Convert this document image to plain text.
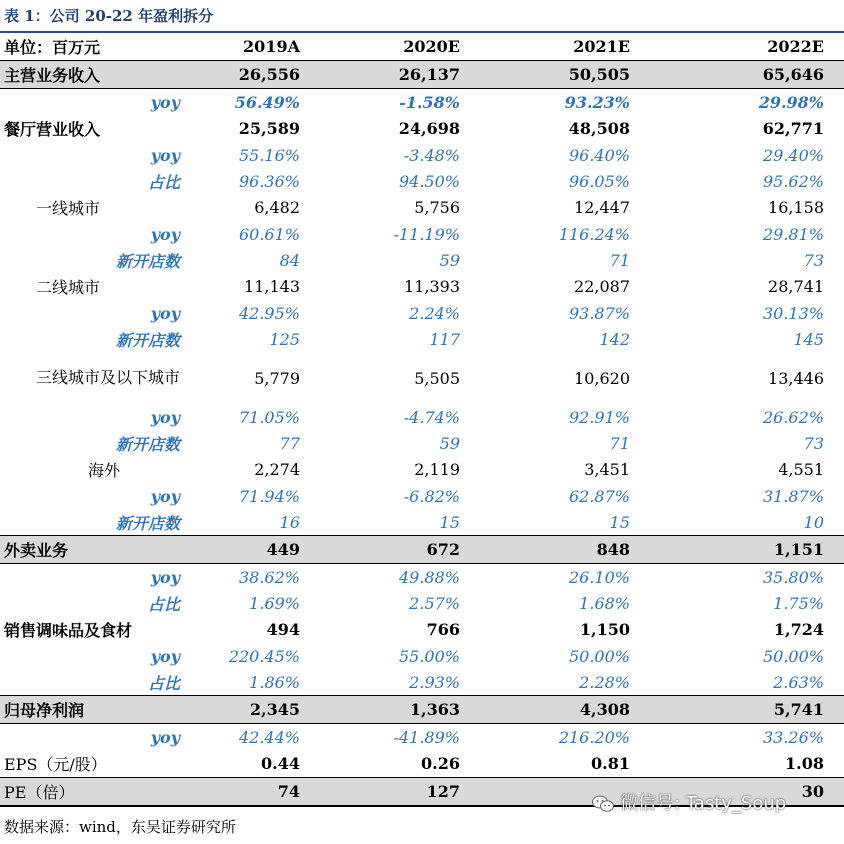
表 1：公司 20-22 年盈利拆分
单位：百万元	2019A	2020E	2021E	2022E
主营业务收入	26,556	26,137	50,505	65,646
yoy	56.49%	-1.58%	93.23%	29.98%
餐厅营业收入	25,589	24,698	48,508	62,771
yoy	55.16%	-3.48%	96.40%	29.40%
占比	96.36%	94.50%	96.05%	95.62%
一线城市	6,482	5,756	12,447	16,158
yoy	60.61%	-11.19%	116.24%	29.81%
新开店数	84	59	71	73
二线城市	11,143	11,393	22,087	28,741
yoy	42.95%	2.24%	93.87%	30.13%
新开店数	125	117	142	145
三线城市及以下城市	5,779	5,505	10,620	13,446
yoy	71.05%	-4.74%	92.91%	26.62%
新开店数	77	59	71	73
海外	2,274	2,119	3,451	4,551
yoy	71.94%	-6.82%	62.87%	31.87%
新开店数	16	15	15	10
外卖业务	449	672	848	1,151
yoy	38.62%	49.88%	26.10%	35.80%
占比	1.69%	2.57%	1.68%	1.75%
销售调味品及食材	494	766	1,150	1,724
yoy	220.45%	55.00%	50.00%	50.00%
占比	1.86%	2.93%	2.28%	2.63%
归母净利润	2,345	1,363	4,308	5,741
yoy	42.44%	-41.89%	216.20%	33.26%
EPS（元/股）	0.44	0.26	0.81	1.08
PE（倍）	74	127		30
微信号: Tasty_Soup
数据来源：wind，东吴证券研究所
